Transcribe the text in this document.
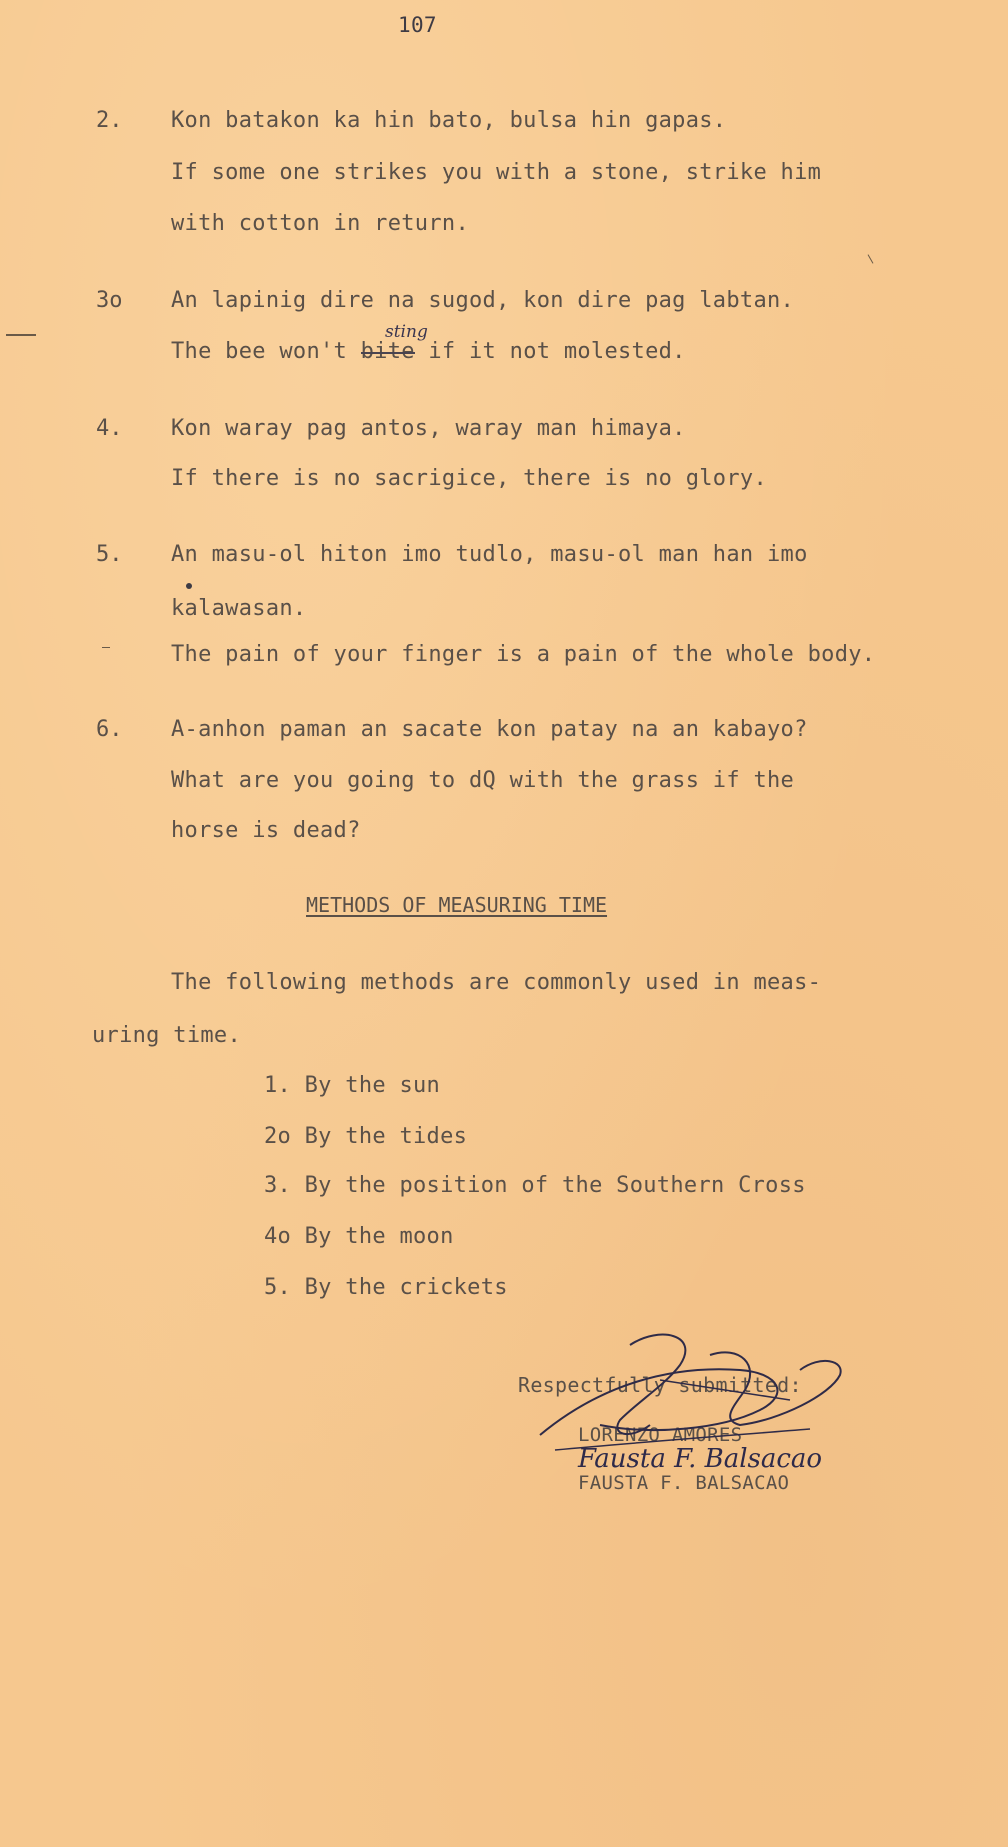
107
2. Kon batakon ka hin bato, bulsa hin gapas.
If some one strikes you with a stone, strike him
with cotton in return.
3o An lapinig dire na sugod, kon dire pag labtan.
sting
The bee won't bite if it not molested.
4. Kon waray pag antos, waray man himaya.
If there is no sacrigice, there is no glory.
5. An masu-ol hiton imo tudlo, masu-ol man han imo
kalawasan.
The pain of your finger is a pain of the whole body.
6. A-anhon paman an sacate kon patay na an kabayo?
What are you going to dQ with the grass if the
horse is dead?
METHODS OF MEASURING TIME
The following methods are commonly used in meas-
uring time.
1. By the sun
2o By the tides
3. By the position of the Southern Cross
4o By the moon
5. By the crickets
Respectfully submitted:
LORENZO AMORES
FAUSTA F. BALSACAO
Fausta F. Balsacao
